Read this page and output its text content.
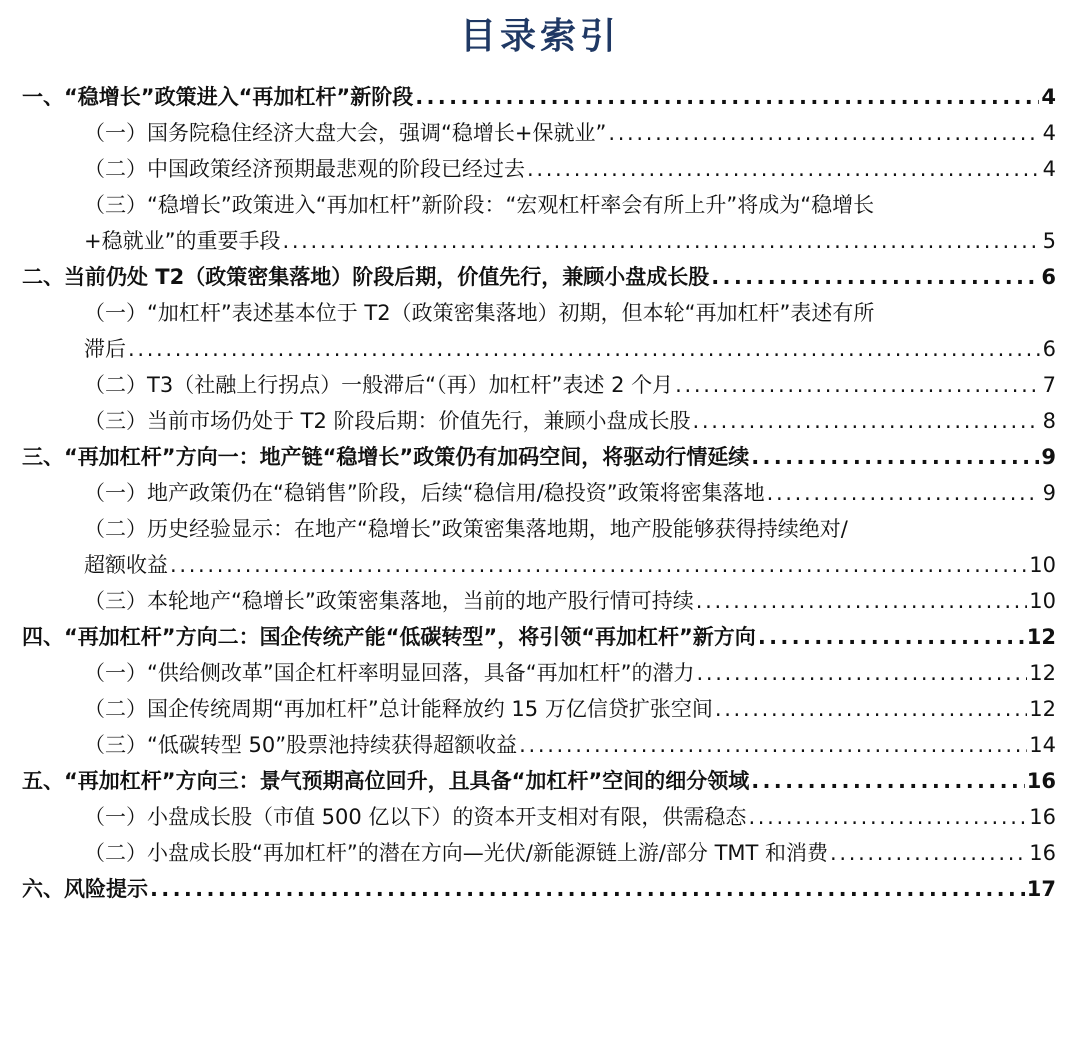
目录索引
一、“稳增长”政策进入“再加杠杆”新阶段 . . .	4
（一）国务院稳住经济大盘大会，强调“稳增长+保就业” . . .	4
（二）中国政策经济预期最悲观的阶段已经过去 . . .	4
（三）“稳增长”政策进入“再加杠杆”新阶段：“宏观杠杆率会有所上升”将成为“稳增长
+稳就业”的重要手段 . . .	5
二、当前仍处 T2（政策密集落地）阶段后期，价值先行，兼顾小盘成长股 . . .	6
（一）“加杠杆”表述基本位于 T2（政策密集落地）初期，但本轮“再加杠杆”表述有所
滞后 . . .	6
（二）T3（社融上行拐点）一般滞后“（再）加杠杆”表述 2 个月 . . .	7
（三）当前市场仍处于 T2 阶段后期：价值先行，兼顾小盘成长股 . . .	8
三、“再加杠杆”方向一：地产链“稳增长”政策仍有加码空间，将驱动行情延续 . . .	9
（一）地产政策仍在“稳销售”阶段，后续“稳信用/稳投资”政策将密集落地 . . .	9
（二）历史经验显示：在地产“稳增长”政策密集落地期，地产股能够获得持续绝对/
超额收益 . . .	10
（三）本轮地产“稳增长”政策密集落地，当前的地产股行情可持续 . . .	10
四、“再加杠杆”方向二：国企传统产能“低碳转型”，将引领“再加杠杆”新方向 . . .	12
（一）“供给侧改革”国企杠杆率明显回落，具备“再加杠杆”的潜力 . . .	12
（二）国企传统周期“再加杠杆”总计能释放约 15 万亿信贷扩张空间 . . .	12
（三）“低碳转型 50”股票池持续获得超额收益 . . .	14
五、“再加杠杆”方向三：景气预期高位回升，且具备“加杠杆”空间的细分领域 . . .	16
（一）小盘成长股（市值 500 亿以下）的资本开支相对有限，供需稳态 . . .	16
（二）小盘成长股“再加杠杆”的潜在方向—光伏/新能源链上游/部分 TMT 和消费 . . .	16
六、风险提示 . . .	17
